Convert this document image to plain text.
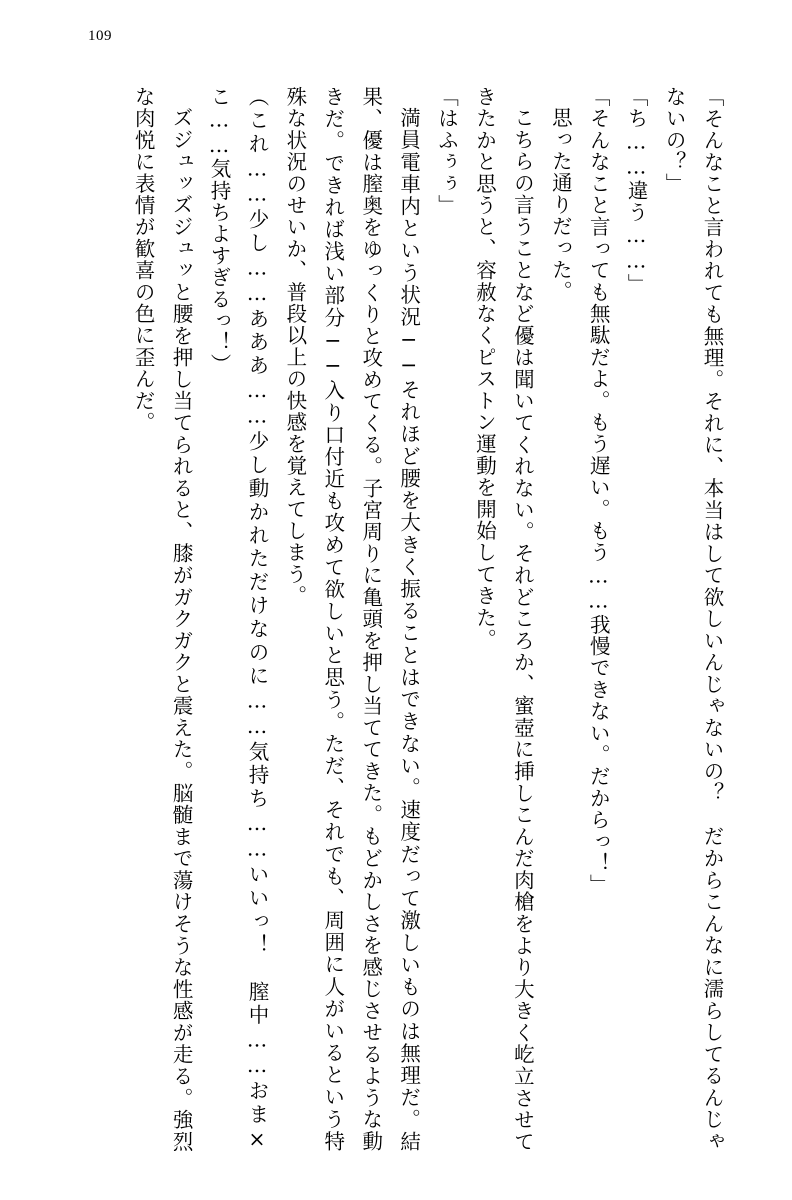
109

「そんなこと言われても無理。それに、本当はして欲しいんじゃないの？　だからこんなに濡らしてるんじゃないの？」

「ち……違う……」

「そんなこと言っても無駄だよ。もう遅い。もう……我慢できない。だからっ！」

思った通りだった。

こちらの言うことなど優は聞いてくれない。それどころか、蜜壺に挿しこんだ肉槍をより大きく屹立させてきたかと思うと、容赦なくピストン運動を開始してきた。

「はふぅぅ」

満員電車内という状況──それほど腰を大きく振ることはできない。速度だって激しいものは無理だ。結果、優は膣奥をゆっくりと攻めてくる。子宮周りに亀頭を押し当ててきた。もどかしさを感じさせるような動きだ。できれば浅い部分──入り口付近も攻めて欲しいと思う。ただ、それでも、周囲に人がいるという特殊な状況のせいか、普段以上の快感を覚えてしまう。

（これ……少し……あああ……少し動かれただけなのに……気持ち……いいっ！　膣中……おま×こ……気持ちよすぎるっ！）

ズジュッズジュッと腰を押し当てられると、膝がガクガクと震えた。脳髄まで蕩けそうな性感が走る。強烈な肉悦に表情が歓喜の色に歪んだ。
